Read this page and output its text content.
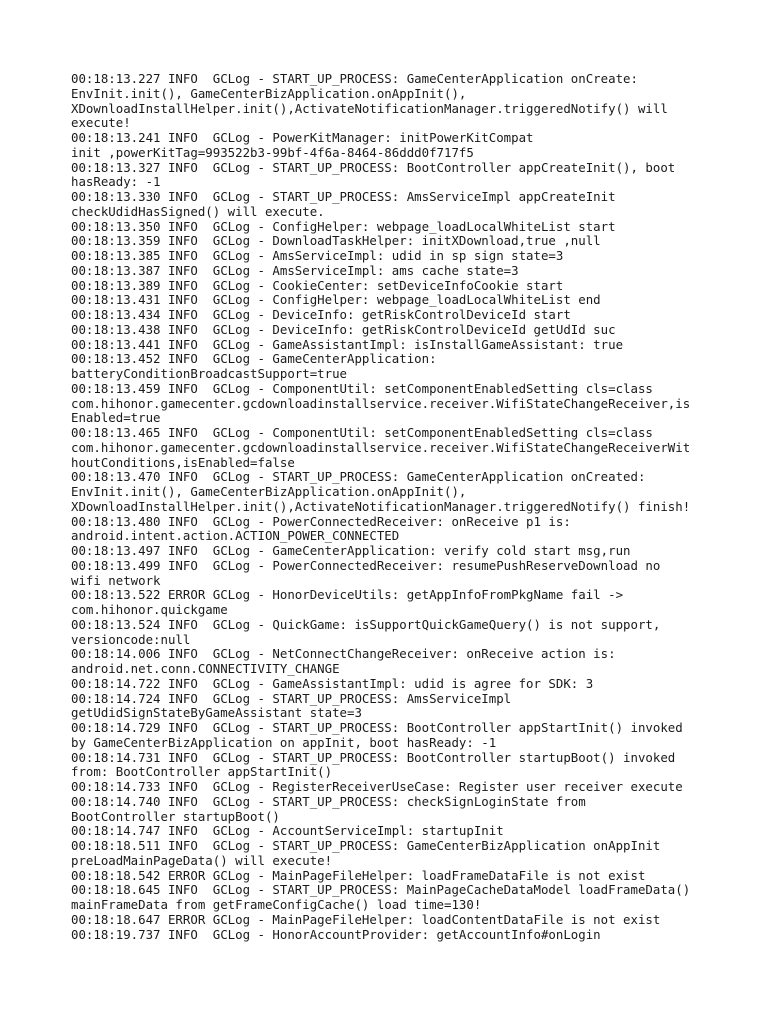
00:18:13.227 INFO  GCLog - START_UP_PROCESS: GameCenterApplication onCreate:
EnvInit.init(), GameCenterBizApplication.onAppInit(),
XDownloadInstallHelper.init(),ActivateNotificationManager.triggeredNotify() will
execute!
00:18:13.241 INFO  GCLog - PowerKitManager: initPowerKitCompat
init ,powerKitTag=993522b3-99bf-4f6a-8464-86ddd0f717f5
00:18:13.327 INFO  GCLog - START_UP_PROCESS: BootController appCreateInit(), boot
hasReady: -1
00:18:13.330 INFO  GCLog - START_UP_PROCESS: AmsServiceImpl appCreateInit
checkUdidHasSigned() will execute.
00:18:13.350 INFO  GCLog - ConfigHelper: webpage_loadLocalWhiteList start
00:18:13.359 INFO  GCLog - DownloadTaskHelper: initXDownload,true ,null
00:18:13.385 INFO  GCLog - AmsServiceImpl: udid in sp sign state=3
00:18:13.387 INFO  GCLog - AmsServiceImpl: ams cache state=3
00:18:13.389 INFO  GCLog - CookieCenter: setDeviceInfoCookie start
00:18:13.431 INFO  GCLog - ConfigHelper: webpage_loadLocalWhiteList end
00:18:13.434 INFO  GCLog - DeviceInfo: getRiskControlDeviceId start
00:18:13.438 INFO  GCLog - DeviceInfo: getRiskControlDeviceId getUdId suc
00:18:13.441 INFO  GCLog - GameAssistantImpl: isInstallGameAssistant: true
00:18:13.452 INFO  GCLog - GameCenterApplication:
batteryConditionBroadcastSupport=true
00:18:13.459 INFO  GCLog - ComponentUtil: setComponentEnabledSetting cls=class
com.hihonor.gamecenter.gcdownloadinstallservice.receiver.WifiStateChangeReceiver,is
Enabled=true
00:18:13.465 INFO  GCLog - ComponentUtil: setComponentEnabledSetting cls=class
com.hihonor.gamecenter.gcdownloadinstallservice.receiver.WifiStateChangeReceiverWit
houtConditions,isEnabled=false
00:18:13.470 INFO  GCLog - START_UP_PROCESS: GameCenterApplication onCreated:
EnvInit.init(), GameCenterBizApplication.onAppInit(),
XDownloadInstallHelper.init(),ActivateNotificationManager.triggeredNotify() finish!
00:18:13.480 INFO  GCLog - PowerConnectedReceiver: onReceive p1 is:
android.intent.action.ACTION_POWER_CONNECTED
00:18:13.497 INFO  GCLog - GameCenterApplication: verify cold start msg,run
00:18:13.499 INFO  GCLog - PowerConnectedReceiver: resumePushReserveDownload no
wifi network
00:18:13.522 ERROR GCLog - HonorDeviceUtils: getAppInfoFromPkgName fail ->
com.hihonor.quickgame
00:18:13.524 INFO  GCLog - QuickGame: isSupportQuickGameQuery() is not support,
versioncode:null
00:18:14.006 INFO  GCLog - NetConnectChangeReceiver: onReceive action is:
android.net.conn.CONNECTIVITY_CHANGE
00:18:14.722 INFO  GCLog - GameAssistantImpl: udid is agree for SDK: 3
00:18:14.724 INFO  GCLog - START_UP_PROCESS: AmsServiceImpl
getUdidSignStateByGameAssistant state=3
00:18:14.729 INFO  GCLog - START_UP_PROCESS: BootController appStartInit() invoked
by GameCenterBizApplication on appInit, boot hasReady: -1
00:18:14.731 INFO  GCLog - START_UP_PROCESS: BootController startupBoot() invoked
from: BootController appStartInit()
00:18:14.733 INFO  GCLog - RegisterReceiverUseCase: Register user receiver execute
00:18:14.740 INFO  GCLog - START_UP_PROCESS: checkSignLoginState from
BootController startupBoot()
00:18:14.747 INFO  GCLog - AccountServiceImpl: startupInit
00:18:18.511 INFO  GCLog - START_UP_PROCESS: GameCenterBizApplication onAppInit
preLoadMainPageData() will execute!
00:18:18.542 ERROR GCLog - MainPageFileHelper: loadFrameDataFile is not exist
00:18:18.645 INFO  GCLog - START_UP_PROCESS: MainPageCacheDataModel loadFrameData()
mainFrameData from getFrameConfigCache() load time=130!
00:18:18.647 ERROR GCLog - MainPageFileHelper: loadContentDataFile is not exist
00:18:19.737 INFO  GCLog - HonorAccountProvider: getAccountInfo#onLogin
